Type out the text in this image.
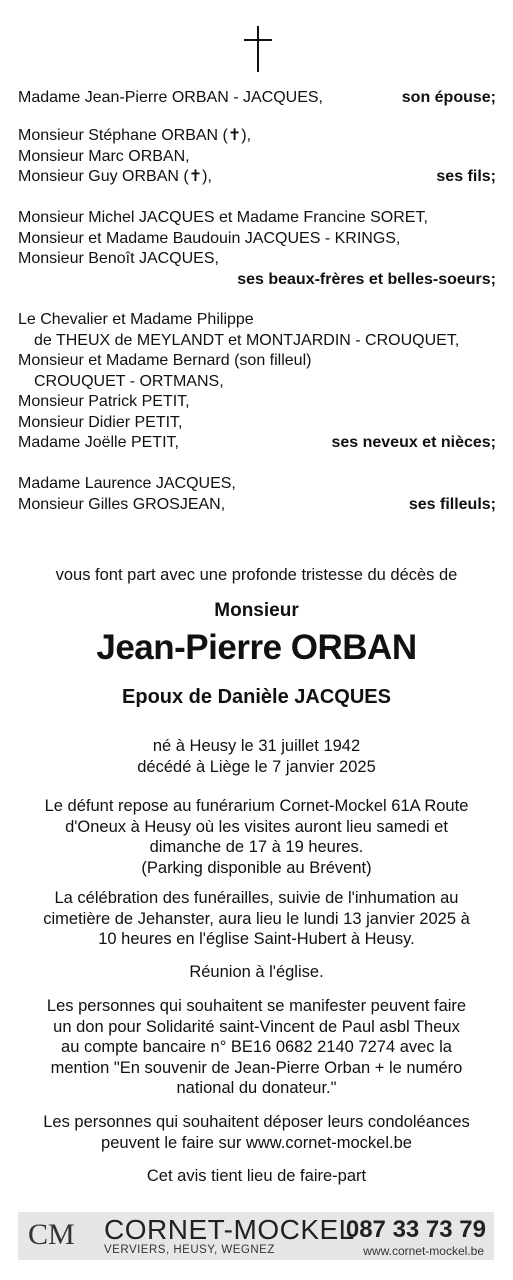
Madame Jean-Pierre ORBAN - JACQUES,	son épouse;
Monsieur Stéphane ORBAN (✝),
Monsieur Marc ORBAN,
Monsieur Guy ORBAN (✝),	ses fils;
Monsieur Michel JACQUES et Madame Francine SORET,
Monsieur et Madame Baudouin JACQUES - KRINGS,
Monsieur Benoît JACQUES,
ses beaux-frères et belles-soeurs;
Le Chevalier et Madame Philippe
de THEUX de MEYLANDT et MONTJARDIN - CROUQUET,
Monsieur et Madame Bernard (son filleul)
CROUQUET - ORTMANS,
Monsieur Patrick PETIT,
Monsieur Didier PETIT,
Madame Joëlle PETIT,	ses neveux et nièces;
Madame Laurence JACQUES,
Monsieur Gilles GROSJEAN,	ses filleuls;
vous font part avec une profonde tristesse du décès de
Monsieur
Jean-Pierre ORBAN
Epoux de Danièle JACQUES
né à Heusy le 31 juillet 1942
décédé à Liège le 7 janvier 2025
Le défunt repose au funérarium Cornet-Mockel 61A Route
d'Oneux à Heusy où les visites auront lieu samedi et
dimanche de 17 à 19 heures.
(Parking disponible au Brévent)
La célébration des funérailles, suivie de l'inhumation au
cimetière de Jehanster, aura lieu le lundi 13 janvier 2025 à
10 heures en l'église Saint-Hubert à Heusy.
Réunion à l'église.
Les personnes qui souhaitent se manifester peuvent faire
un don pour Solidarité saint-Vincent de Paul asbl Theux
au compte bancaire n° BE16 0682 2140 7274 avec la
mention "En souvenir de Jean-Pierre Orban + le numéro
national du donateur."
Les personnes qui souhaitent déposer leurs condoléances
peuvent le faire sur www.cornet-mockel.be
Cet avis tient lieu de faire-part
CM CORNET-MOCKEL
087 33 73 79
VERVIERS, HEUSY, WEGNEZ	www.cornet-mockel.be
